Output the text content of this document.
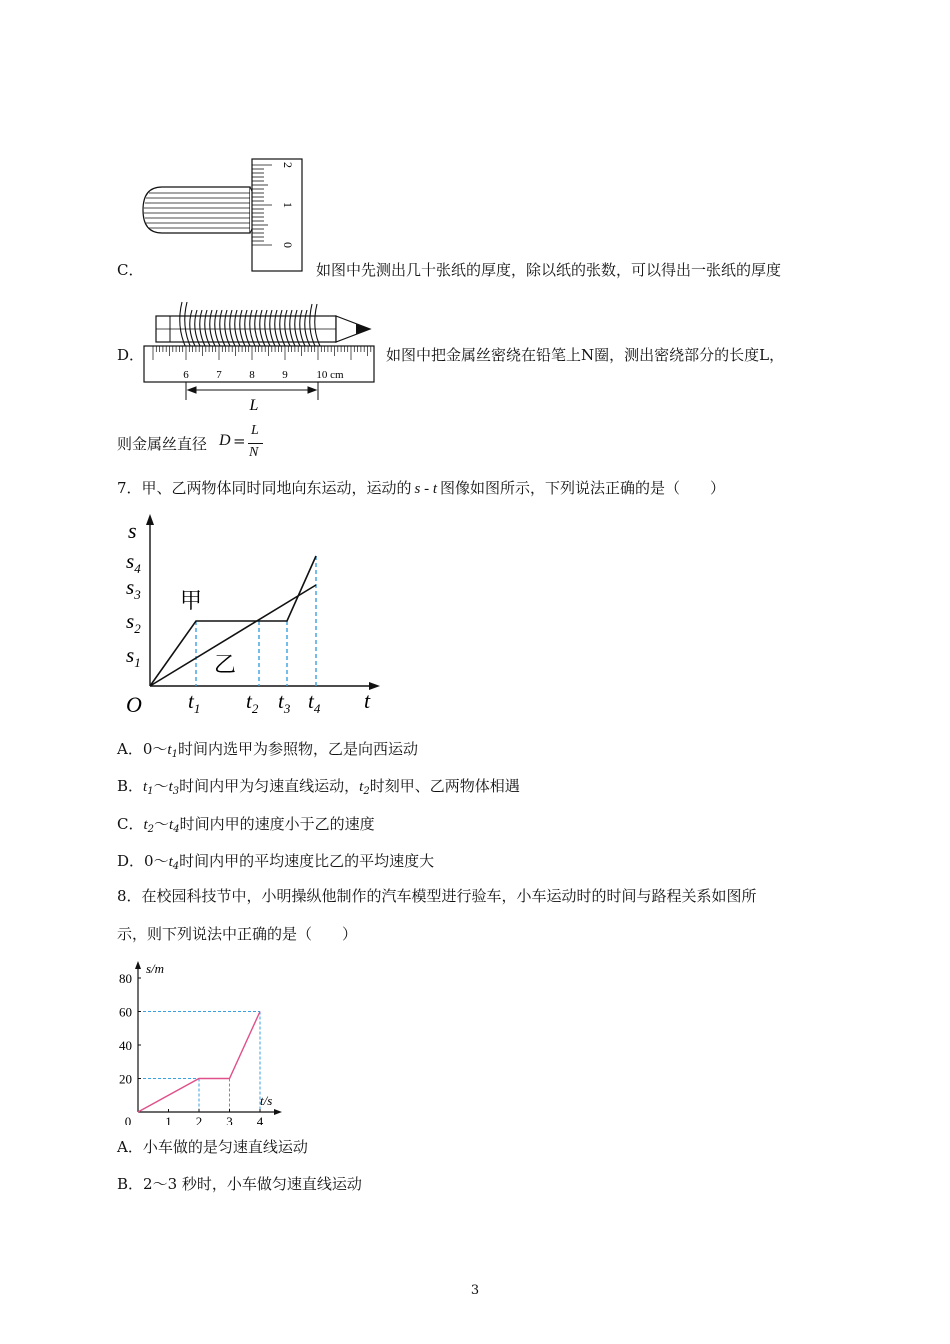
0
1
2
C．	如图中先测出几十张纸的厚度，除以纸的张数，可以得出一张纸的厚度
6	7	8	9	10 cm
L
D．	如图中把金属丝密绕在铅笔上N圈，测出密绕部分的长度L，
则金属丝直径 D =
L
N
7．甲、乙两物体同时同地向东运动，运动的 s - t 图像如图所示，下列说法正确的是（　　）
s
t
O
$s_1$
$s_2$
$s_3$
$s_4$
$t_1$ $t_2$ $t_3$ $t_4$
甲
乙
A．$0\sim t_1$时间内选甲为参照物，乙是向西运动
B．$t_1\sim t_3$时间内甲为匀速直线运动，$t_2$时刻甲、乙两物体相遇
C．$t_2\sim t_4$时间内甲的速度小于乙的速度
D．$0\sim t_4$时间内甲的平均速度比乙的平均速度大
8．在校园科技节中，小明操纵他制作的汽车模型进行验车，小车运动时的时间与路程关系如图所
示，则下列说法中正确的是（　　）
0	1 2 3 4
20
40
60
80
s/m
t/s
A．小车做的是匀速直线运动
B．2～3 秒时，小车做匀速直线运动
3
